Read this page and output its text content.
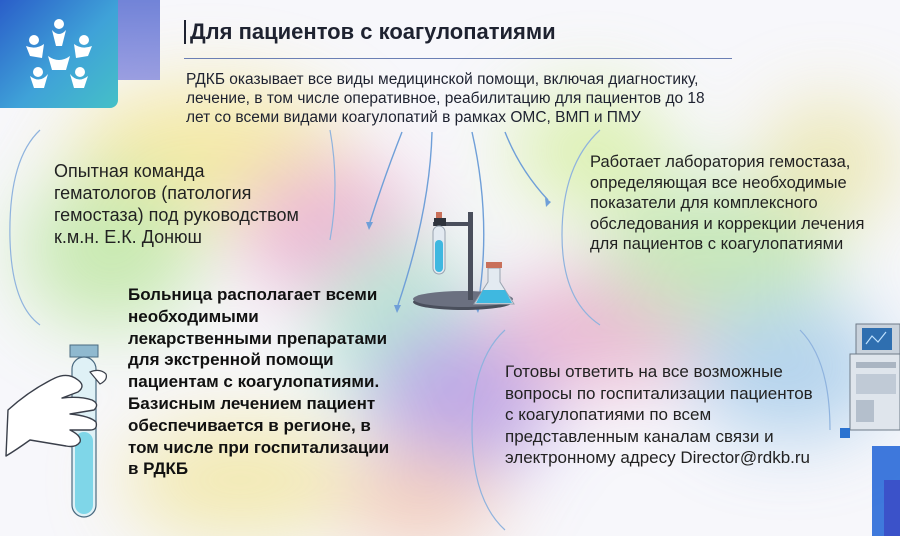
Для пациентов с коагулопатиями

РДКБ оказывает все виды медицинской помощи, включая диагностику, лечение, в том числе оперативное, реабилитацию для пациентов до 18 лет со всеми видами коагулопатий в рамках ОМС, ВМП и ПМУ

Опытная команда гематологов (патология гемостаза) под руководством к.м.н. Е.К. Донюш

Работает лаборатория гемостаза, определяющая все необходимые показатели для комплексного обследования и коррекции лечения для пациентов с коагулопатиями

Больница располагает всеми необходимыми лекарственными препаратами для экстренной помощи пациентам с коагулопатиями. Базисным лечением пациент обеспечивается в регионе, в том числе при госпитализации в РДКБ

Готовы ответить на все возможные вопросы по госпитализации пациентов с коагулопатиями по всем представленным каналам связи и электронному адресу Director@rdkb.ru
